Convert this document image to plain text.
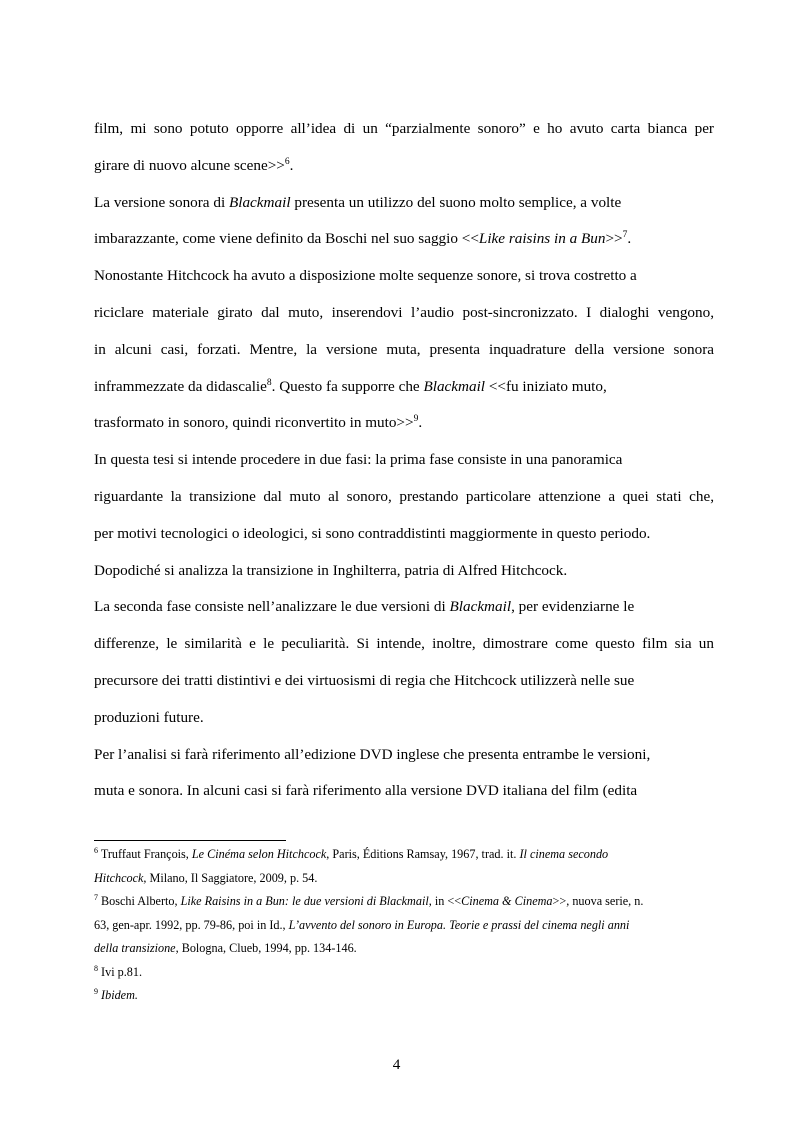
film, mi sono potuto opporre all’idea di un “parzialmente sonoro” e ho avuto carta bianca per
girare di nuovo alcune scene>>$^6$.
La versione sonora di Blackmail presenta un utilizzo del suono molto semplice, a volte
imbarazzante, come viene definito da Boschi nel suo saggio <<Like raisins in a Bun>>$^7$.
Nonostante Hitchcock ha avuto a disposizione molte sequenze sonore, si trova costretto a
riciclare materiale girato dal muto, inserendovi l’audio post-sincronizzato. I dialoghi vengono,
in alcuni casi, forzati. Mentre, la versione muta, presenta inquadrature della versione sonora
inframmezzate da didascalie$^8$. Questo fa supporre che Blackmail <<fu iniziato muto,
trasformato in sonoro, quindi riconvertito in muto>>$^9$.
In questa tesi si intende procedere in due fasi: la prima fase consiste in una panoramica
riguardante la transizione dal muto al sonoro, prestando particolare attenzione a quei stati che,
per motivi tecnologici o ideologici, si sono contraddistinti maggiormente in questo periodo.
Dopodiché si analizza la transizione in Inghilterra, patria di Alfred Hitchcock.
La seconda fase consiste nell’analizzare le due versioni di Blackmail, per evidenziarne le
differenze, le similarità e le peculiarità. Si intende, inoltre, dimostrare come questo film sia un
precursore dei tratti distintivi e dei virtuosismi di regia che Hitchcock utilizzerà nelle sue
produzioni future.
Per l’analisi si farà riferimento all’edizione DVD inglese che presenta entrambe le versioni,
muta e sonora. In alcuni casi si farà riferimento alla versione DVD italiana del film (edita
$^6$ Truffaut François, Le Cinéma selon Hitchcock, Paris, Éditions Ramsay, 1967, trad. it. Il cinema secondo
Hitchcock, Milano, Il Saggiatore, 2009, p. 54.
$^7$ Boschi Alberto, Like Raisins in a Bun: le due versioni di Blackmail, in <<Cinema & Cinema>>, nuova serie, n.
63, gen-apr. 1992, pp. 79-86, poi in Id., L’avvento del sonoro in Europa. Teorie e prassi del cinema negli anni
della transizione, Bologna, Clueb, 1994, pp. 134-146.
$^8$ Ivi p.81.
$^9$ Ibidem.
4
